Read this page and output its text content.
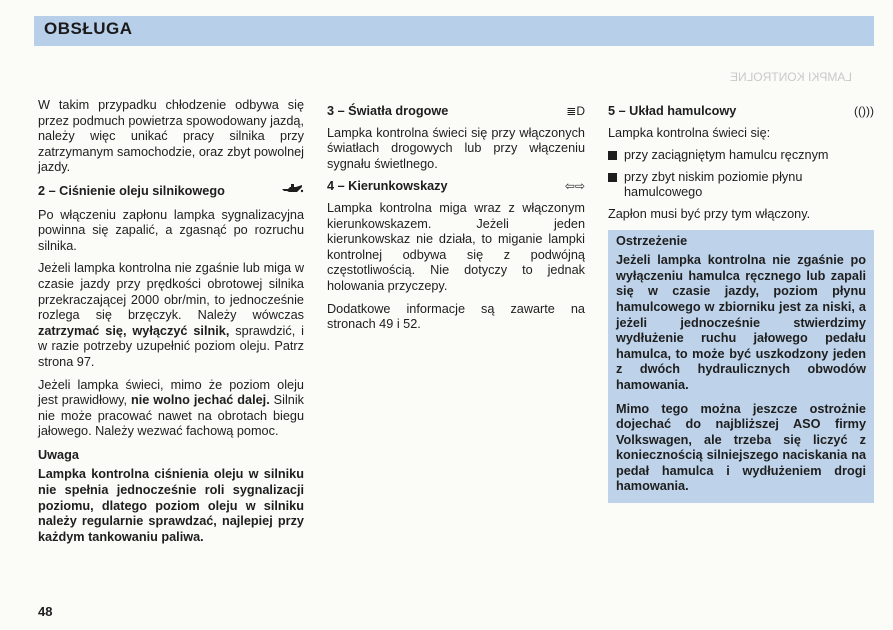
OBSŁUGA
LAMPKI KONTROLNE

W takim przypadku chłodzenie odbywa się przez podmuch powietrza spowodowany jazdą, należy więc unikać pracy silnika przy zatrzymanym samochodzie, oraz zbyt powolnej jazdy.

2 – Ciśnienie oleju silnikowego

Po włączeniu zapłonu lampka sygnalizacyjna powinna się zapalić, a zgasnąć po rozruchu silnika.

Jeżeli lampka kontrolna nie zgaśnie lub miga w czasie jazdy przy prędkości obrotowej silnika przekraczającej 2000 obr/min, to jednocześnie rozlega się brzęczyk. Należy wówczas zatrzymać się, wyłączyć silnik, sprawdzić, i w razie potrzeby uzupełnić poziom oleju. Patrz strona 97.

Jeżeli lampka świeci, mimo że poziom oleju jest prawidłowy, nie wolno jechać dalej. Silnik nie może pracować nawet na obrotach biegu jałowego. Należy wezwać fachową pomoc.

Uwaga
Lampka kontrolna ciśnienia oleju w silniku nie spełnia jednocześnie roli sygnalizacji poziomu, dlatego poziom oleju w silniku należy regularnie sprawdzać, najlepiej przy każdym tankowaniu paliwa.
3 – Światła drogowe	≣D

Lampka kontrolna świeci się przy włączonych światłach drogowych lub przy włączeniu sygnału świetlnego.

4 – Kierunkowskazy	⇦⇨

Lampka kontrolna miga wraz z włączonym kierunkowskazem. Jeżeli jeden kierunkowskaz nie działa, to miganie lampki kontrolnej odbywa się z podwójną częstotliwością. Nie dotyczy to jednak holowania przyczepy.

Dodatkowe informacje są zawarte na stronach 49 i 52.

5 – Układ hamulcowy	(()))

Lampka kontrolna świeci się:

przy zaciągniętym hamulcu ręcznym
przy zbyt niskim poziomie płynu hamulcowego

Zapłon musi być przy tym włączony.

Ostrzeżenie

Jeżeli lampka kontrolna nie zgaśnie po wyłączeniu hamulca ręcznego lub zapali się w czasie jazdy, poziom płynu hamulcowego w zbiorniku jest za niski, a jeżeli jednocześnie stwierdzimy wydłużenie ruchu jałowego pedału hamulca, to może być uszkodzony jeden z dwóch hydraulicznych obwodów hamowania.

Mimo tego można jeszcze ostrożnie dojechać do najbliższej ASO firmy Volkswagen, ale trzeba się liczyć z koniecznością silniejszego naciskania na pedał hamulca i wydłużeniem drogi hamowania.

48
